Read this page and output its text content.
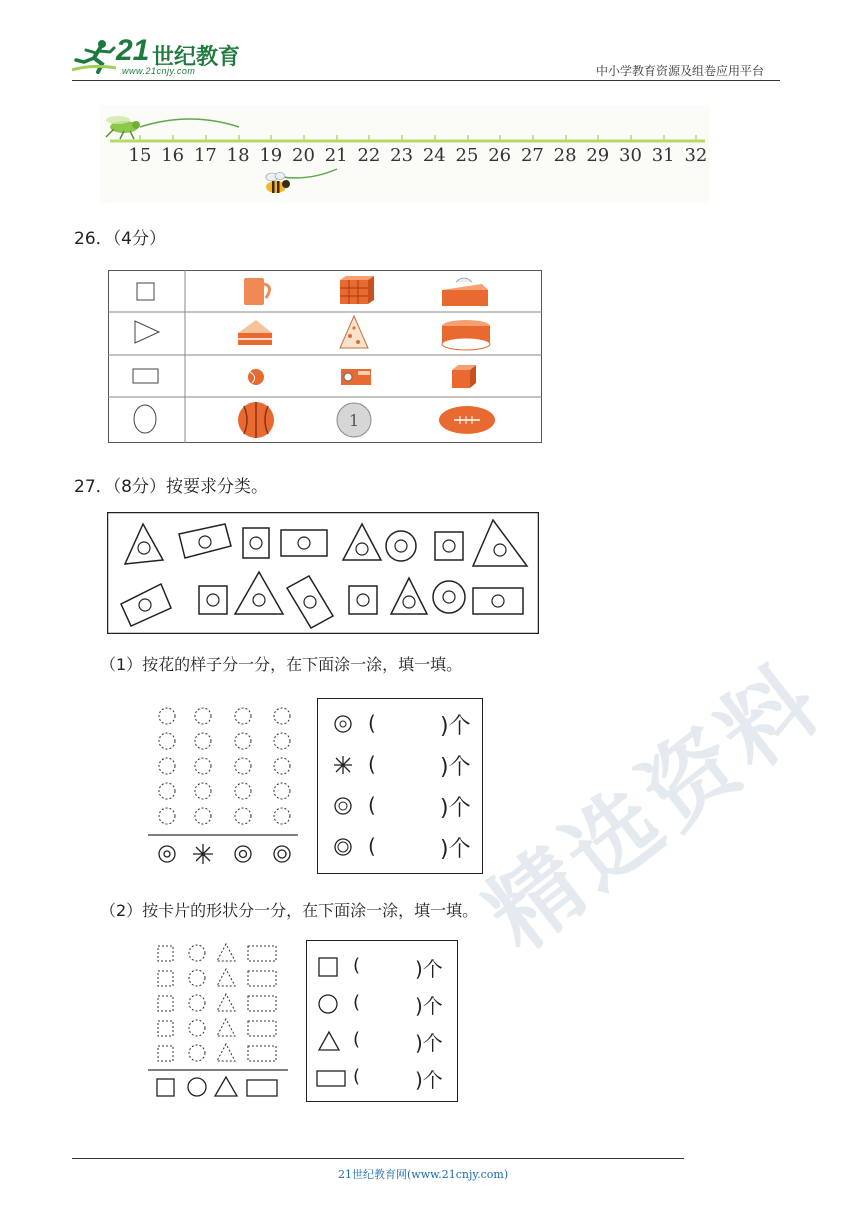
精选资料
21 世纪教育
www.21cnjy.com	中小学教育资源及组卷应用平台
15 16 17 18 19 20 21 22 23 24 25 26 27 28 29 30 31 32
26．（4分）
1
27．（8分）按要求分类。
（1）按花的样子分一分，在下面涂一涂，填一填。
(	)个
(	)个
(	)个
(	)个
（2）按卡片的形状分一分，在下面涂一涂，填一填。
(	)个
(	)个
(	)个
(	)个
21世纪教育网(www.21cnjy.com)
